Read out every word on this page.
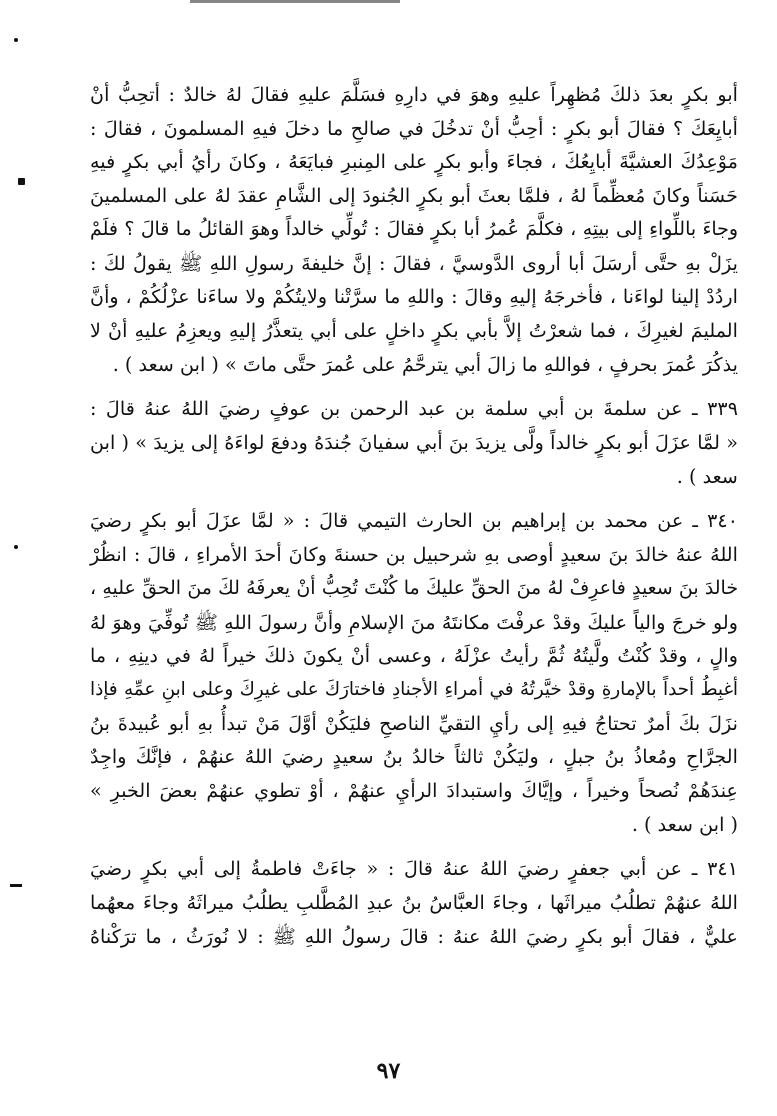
أبو بكرٍ بعدَ ذلكَ مُظهِراً عليهِ وهوَ في دارِهِ فسَلَّمَ عليهِ فقالَ لهُ خالدٌ : أتحِبُّ أنْ
أبايِعَكَ ؟ فقالَ أبو بكرٍ : أحِبُّ أنْ تدخُلَ في صالحِ ما دخلَ فيهِ المسلمونَ ، فقالَ :
مَوْعِدُكَ العشيَّةَ أبايِعُكَ ، فجاءَ وأبو بكرٍ على المِنبرِ فبايَعَهُ ، وكانَ رأيُ أبي بكرٍ فيهِ
حَسَناً وكانَ مُعظِّماً لهُ ، فلمَّا بعثَ أبو بكرٍ الجُنودَ إلى الشَّامِ عقدَ لهُ على المسلمينَ
وجاءَ باللِّواءِ إلى بيتِهِ ، فكلَّمَ عُمرُ أبا بكرٍ فقالَ : تُولِّي خالداً وهوَ القائلُ ما قالَ ؟ فلَمْ
يزَلْ بهِ حتَّى أرسَلَ أبا أروى الدَّوسيَّ ، فقالَ : إنَّ خليفةَ رسولِ اللهِ ﷺ يقولُ لكَ :
اردُدْ إلينا لواءَنا ، فأخرجَهُ إليهِ وقالَ : واللهِ ما سرَّتْنا ولايتُكُمْ ولا ساءَنا عزْلُكُمْ ، وأنَّ
المليمَ لغيرِكَ ، فما شعرْتُ إلاَّ بأبي بكرٍ داخلٍ على أبي يتعذَّرُ إليهِ ويعزِمُ عليهِ أنْ لا
يذكُرَ عُمرَ بحرفٍ ، فواللهِ ما زالَ أبي يترحَّمُ على عُمرَ حتَّى ماتَ » ( ابن سعد ) .
٣٣٩ ـ عن سلمةَ بن أبي سلمة بن عبد الرحمن بن عوفٍ رضيَ اللهُ عنهُ قالَ :
« لمَّا عزَلَ أبو بكرٍ خالداً ولَّى يزيدَ بنَ أبي سفيانَ جُندَهُ ودفعَ لواءَهُ إلى يزيدَ » ( ابن
سعد ) .
٣٤٠ ـ عن محمد بن إبراهيم بن الحارث التيمي قالَ : « لمَّا عزَلَ أبو بكرٍ رضيَ
اللهُ عنهُ خالدَ بنَ سعيدٍ أوصى بهِ شرحبيل بن حسنةَ وكانَ أحدَ الأمراءِ ، قالَ : انظُرْ
خالدَ بنَ سعيدٍ فاعرِفْ لهُ منَ الحقِّ عليكَ ما كُنْتَ تُحِبُّ أنْ يعرفَهُ لكَ منَ الحقِّ عليهِ ،
ولو خرجَ والياً عليكَ وقدْ عرفْتَ مكانتَهُ منَ الإسلامِ وأنَّ رسولَ اللهِ ﷺ تُوفِّيَ وهوَ لهُ
والٍ ، وقدْ كُنْتُ ولَّيتُهُ ثُمَّ رأيتُ عزْلَهُ ، وعسى أنْ يكونَ ذلكَ خيراً لهُ في دينِهِ ، ما
أغبِطُ أحداً بالإمارةِ وقدْ خيَّرتُهُ في أمراءِ الأجنادِ فاختارَكَ على غيرِكَ وعلى ابنِ عمِّهِ فإذا
نزَلَ بكَ أمرٌ تحتاجُ فيهِ إلى رأيِ التقيِّ الناصحِ فليَكُنْ أوَّلَ مَنْ تبدأُ بهِ أبو عُبيدةَ بنُ
الجرَّاحِ ومُعاذُ بنُ جبلٍ ، وليَكُنْ ثالثاً خالدُ بنُ سعيدٍ رضيَ اللهُ عنهُمْ ، فإنَّكَ واجِدٌ
عِندَهُمْ نُصحاً وخيراً ، وإيَّاكَ واستبدادَ الرأيِ عنهُمْ ، أوْ تطوي عنهُمْ بعضَ الخبرِ »
( ابن سعد ) .
٣٤١ ـ عن أبي جعفرٍ رضيَ اللهُ عنهُ قالَ : « جاءَتْ فاطمةُ إلى أبي بكرٍ رضيَ
اللهُ عنهُمْ تطلُبُ ميراثَها ، وجاءَ العبَّاسُ بنُ عبدِ المُطَّلبِ يطلُبُ ميراثَهُ وجاءَ معهُما
عليٌّ ، فقالَ أبو بكرٍ رضيَ اللهُ عنهُ : قالَ رسولُ اللهِ ﷺ : لا نُورَثُ ، ما ترَكْناهُ
٩٧
